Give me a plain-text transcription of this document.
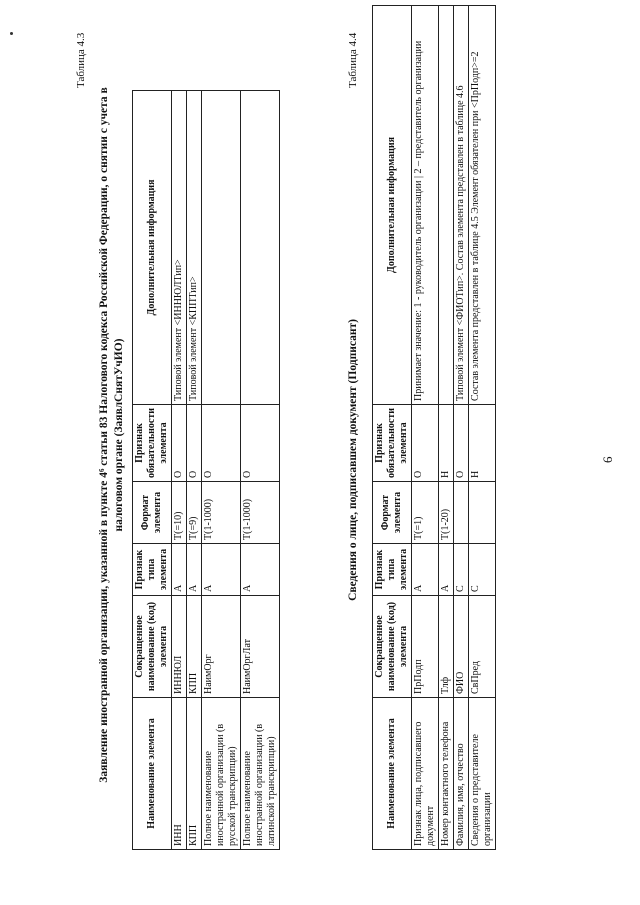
6
Таблица 4.3
Заявление иностранной организации, указанной в пункте 4⁶ статьи 83 Налогового кодекса Российской Федерации, о снятии с учета в налоговом органе (ЗаявлСнятУчИО)
Наименование элемента	Сокращенное наименование (код) элемента	Признак типа элемента	Формат элемента	Признак обязательности элемента	Дополнительная информация
ИНН	ИННЮЛ	А	T(=10)	О	Типовой элемент <ИННЮЛТип>
КПП	КПП	А	T(=9)	О	Типовой элемент <КППТип>
Полное наименование иностранной организации (в русской транскрипции)	НаимОрг	А	T(1-1000)	О	
Полное наименование иностранной организации (в латинской транскрипции)	НаимОргЛат	А	T(1-1000)	О	
Таблица 4.4
Сведения о лице, подписавшем документ (Подписант)
Наименование элемента	Сокращенное наименование (код) элемента	Признак типа элемента	Формат элемента	Признак обязательности элемента	Дополнительная информация
Признак лица, подписавшего документ	ПрПодп	А	T(=1)	О	Принимает значение: 1 - руководитель организации | 2 – представитель организации
Номер контактного телефона	Тлф	А	T(1-20)	Н	
Фамилия, имя, отчество	ФИО	С		О	Типовой элемент <ФИОТип>. Состав элемента представлен в таблице 4.6
Сведения о представителе организации	СвПред	С		Н	Состав элемента представлен в таблице 4.5 Элемент обязателен при <ПрПодп>=2
